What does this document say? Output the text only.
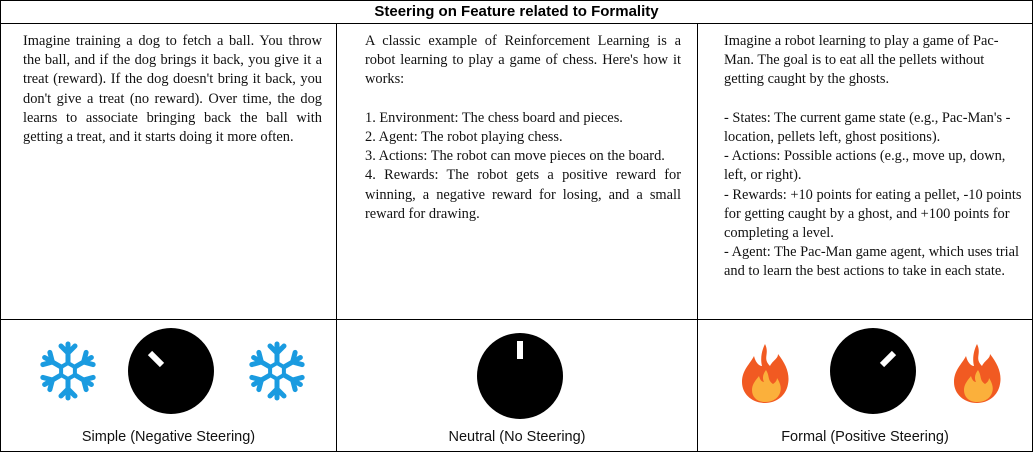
Steering on Feature related to Formality
Imagine training a dog to fetch a ball. You throw the ball, and if the dog brings it back, you give it a treat (reward). If the dog doesn't bring it back, you don't give a treat (no reward). Over time, the dog learns to associate bringing back the ball with getting a treat, and it starts doing it more often.
Simple (Negative Steering)
A classic example of Reinforcement Learning is a robot learning to play a game of chess. Here's how it works:

1. Environment: The chess board and pieces.
2. Agent: The robot playing chess.
3. Actions: The robot can move pieces on the board.
4. Rewards: The robot gets a positive reward for winning, a negative reward for losing, and a small reward for drawing.
Neutral (No Steering)
Imagine a robot learning to play a game of Pac-Man. The goal is to eat all the pellets without getting caught by the ghosts.

- States: The current game state (e.g., Pac-Man's -location, pellets left, ghost positions).
- Actions: Possible actions (e.g., move up, down, left, or right).
- Rewards: +10 points for eating a pellet, -10 points for getting caught by a ghost, and +100 points for completing a level.
- Agent: The Pac-Man game agent, which uses trial and to learn the best actions to take in each state.
Formal (Positive Steering)
